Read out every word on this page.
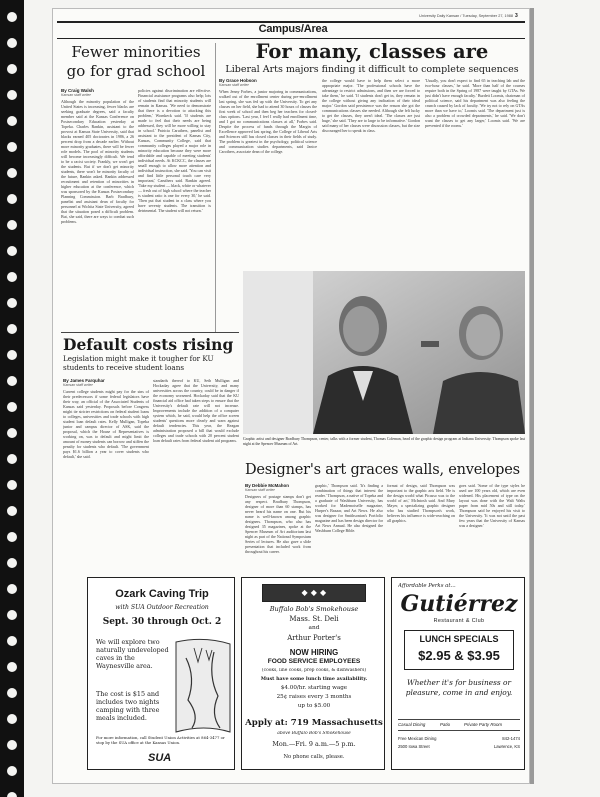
University Daily Kansan / Tuesday, September 27, 1988 3
Campus/Area
Fewer minorities go for grad school
By Craig Walsh
Kansan staff writer
Although the minority population of the United States is increasing, fewer blacks are seeking graduate degrees, said a faculty member said at the Kansas Conference on Postsecondary Education yesterday at Topeka. Charles Rankin, assistant to the provost at Kansas State University, said that blacks earned 405 doctorates in 1986, a 26 percent drop from a decade earlier. Without more minority graduates, there will be fewer role models. The pool of minority students will become increasingly difficult. We tend to be a racist society. Frankly, we won't get the students. But if we don't get minority students, there won't be minority faculty of the future, Rankin asked. Rankin addressed recruitment and retention of minorities in higher education at the conference, which was sponsored by the Kansas Postsecondary Planning Commission. Barb Bradbury, panelist and assistant dean of faculty for personnel at Wichita State University, agreed that the situation posed a difficult problem. But, she said, there are ways to combat such problems.
policies against discrimination are effective. Financial assistance programs also help; lots of students find that minority students will remain in Kansas. 'We need to demonstrate that there is a devotion to attacking this problem,' Wornkeck said. 'If students are made to feel that their needs are being addressed, they will be more willing to stay in school.' Patricia Caruthers, panelist and assistant to the president of Kansas City, Kansas, Community College, said that community colleges played a major role in minority education because they were more affordable and capable of meeting students' individual needs. At KCKCC, the classes are small enough to allow more attention and individual instruction, she said. 'You can visit and find little personal touch care very important,' Caruthers said. Rankin agreed. 'Take my student — black, white or whatever — fresh out of high school where the teacher is student ratio is one for every 30,' he said. 'Then put that student in a class where you have seventy students. The transition is detrimental. The student will not return.'
For many, classes are
Liberal Arts majors finding it difficult to complete sequences
By Grace Hobson
Kansan staff writer
When Jenny Forbes, a junior majoring in communications, walked out of the enrollment center during pre-enrollment last spring, she was fed up with the University. To get any classes on her field, she had to attend 30 hours of classes the first week of school and then beg her teachers for closed-class options. 'Last year, I feel I really had enrollment time, and I got no communications classes at all,' Forbes said. Despite the process of funds through the Margin of Excellence approved last spring, the College of Liberal Arts and Sciences still has closed classes in their fields of study. The problem is greatest in the psychology, political science and communication studies departments, said Janice Carothers, associate dean of the college.
the college would have to help them select a more appropriate major. 'The professional schools have the advantage to restrict admissions, and then we are forced to take them,' he said. 'If students don't get in, they remain in the college without giving any indication of their ideal major.' Gordon said persistence was the reason she got the communications classes she needed. Although she felt lucky to get the classes, they aren't ideal. 'The classes are just huge,' she said. 'They are to large to be informative.' Gordon said many of her classes were discussion classes, but the size discouraged her to speak in class.
'Usually, you don't expect to find 65 in teaching lab and the two-hour classes,' he said. 'More than half of the courses require both in the Spring of 1987 were taught by GTAs. We just didn't have enough faculty.' Burdett Loomis, chairman of political science, said his department was also feeling the crunch caused by lack of faculty. 'We try not to rely on GTAs more than we have to,' Loomis said. 'The department just is also a problem of crowded departments,' he said. 'We don't want the classes to get any larger,' Loomis said. 'We are prevented if the rooms.'
Graphic artist and designer Bradbury Thompson, center, talks with a former student, Thomas Coleman, head of the graphic design program at Indiana University. Thompson spoke last night at the Spencer Museum of Art.
Default costs rising
Legislation might make it tougher for KU students to receive student loans
By James Farquhar
Kansan staff writer
Current college students might pay for the sins of their predecessors if some federal legislators have their way, an official of the Associated Students of Kansas said yesterday. Proposals before Congress might tie stricter restrictions on federal student loans to colleges, universities and trade schools with high student loan default rates. Kelly Mulligan, Topeka junior and campus director of ASK, said the proposal, which the House of Representatives is working on, was to default and might limit the amount of money students can borrow and stiffen the penalty for students who default. 'The government pays $1.6 billion a year to cover students who default,' she said.
standards thereof to KU, Seth Mulligan and Hockaday agree that the University, and many universities across the country, could be in danger if the economy worsened. Hockaday said that the KU financial aid office had taken steps to ensure that the University's default rate will not increase. Improvements include the addition of a computer system which, he said, would help the office screen students' questions more clearly and warn against default tendencies. This year, the Reagan administration proposed a bill that would exclude colleges and trade schools with 20 percent student loan default rates from federal student aid programs.
Designer's art graces walls, envelopes
By Debbie McMahon
Kansan staff writer
Designers of postage stamps don't get any respect. Bradbury Thompson, designer of more than 60 stamps, has never heard his name on one. But his name is well-known among graphic designers. Thompson, who also has designed 35 magazines, spoke at the Spencer Museum of Art auditorium last night as part of the National Symposium Series of lectures. He also gave a slide presentation that included work from throughout his career.
graphic,' Thompson said. 'It's finding a combination of things that interest the reader.' Thompson, a native of Topeka and a graduate of Washburn University, has worked for Mademoiselle magazine, Harper's Bazaar, and Art News. He also was designer for Smithsonian's Portfolio magazine and has been design director for Art News Annual. He also designed the Washburn College Bible.
format of design, said Thompson was important to the graphic arts field. 'He is the design world what Picasso was to the world of art,' McIntosh said. And Mary Mayer, a specializing graphic designer who has studied Thompson's work, believes his influence is wide-reaching on all graphics.
goes said. 'Some of the type styles he used are 100 years old, which are even widened. His placement of type on the layout was done with the Walt Walts paper from mid 50s and still today.' Thompson said he enjoyed his visit to the University. 'It was not until the past few years that the University of Kansas was a designer.'
Ozark Caving Trip
with SUA Outdoor Recreation
Sept. 30 through Oct. 2
We will explore two naturally undeveloped caves in the Waynesville area.
The cost is $15 and includes two nights camping with three meals included.
For more information, call Student Union Activities at 864-3477 or stop by the SUA office at the Kansas Union.
SUA
◆ ◆ ◆
Buffalo Bob's Smokehouse
Mass. St. Deli
and
Arthur Porter's
NOW HIRING
FOOD SERVICE EMPLOYEES
(cooks, line cooks, prep cooks, & dishwashers)
Must have some lunch time availability.
$4.00/hr. starting wage
25¢ raises every 3 months
up to $5.00
Apply at: 719 Massachusetts
above Buffalo Bob's Smokehouse
Mon.—Fri. 9 a.m.—5 p.m.
No phone calls, please.
Affordable Perks at...
Gutiérrez
Restaurant & Club
LUNCH SPECIALS
$2.95 & $3.95
Whether it's for business or pleasure, come in and enjoy.
Casual Dining	Patio	Private Party Room
Free Mexican Dining	842-1474
2500 Iowa Street	Lawrence, KS
